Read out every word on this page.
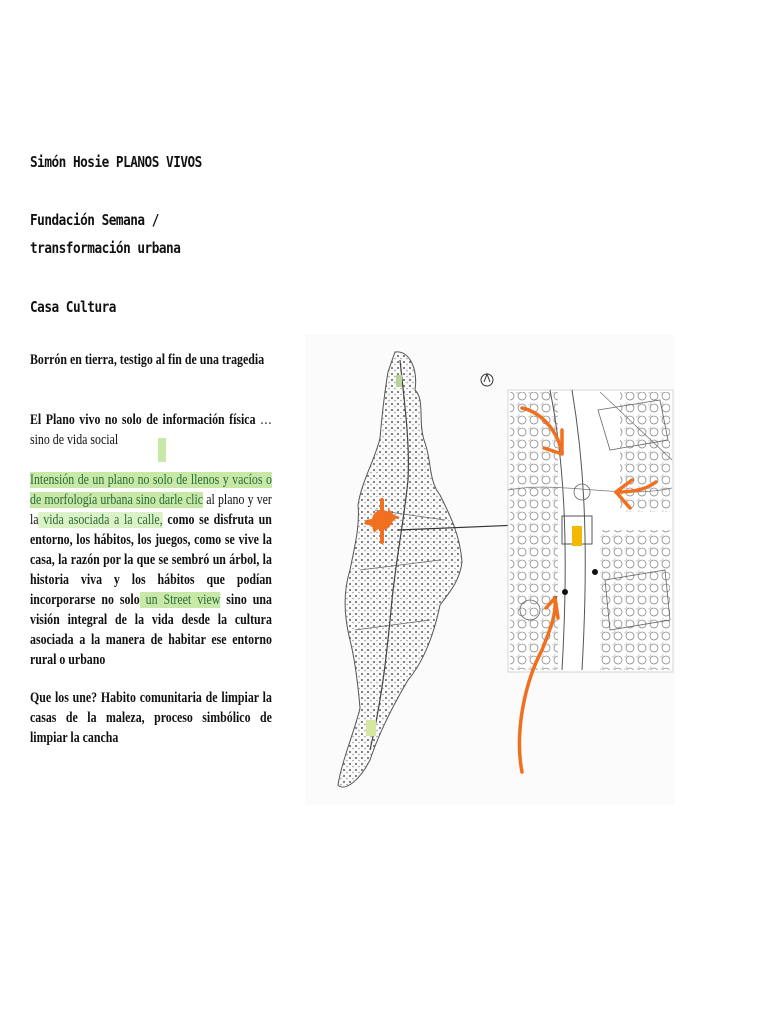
Simón Hosie PLANOS VIVOS
Fundación Semana /
transformación urbana
Casa Cultura

Borrón en tierra, testigo al fin de una tragedia

El Plano vivo no solo de información física … sino de vida social

Intensión de un plano no solo de llenos y vacíos o de morfología urbana sino darle clic al plano y ver la vida asociada a la calle, como se disfruta un entorno, los hábitos, los juegos, como se vive la casa, la razón por la que se sembró un árbol, la historia viva y los hábitos que podían incorporarse no solo un Street view sino una visión integral de la vida desde la cultura asociada a la manera de habitar ese entorno rural o urbano

Que los une? Habito comunitaria de limpiar la casas de la maleza, proceso simbólico de limpiar la cancha
